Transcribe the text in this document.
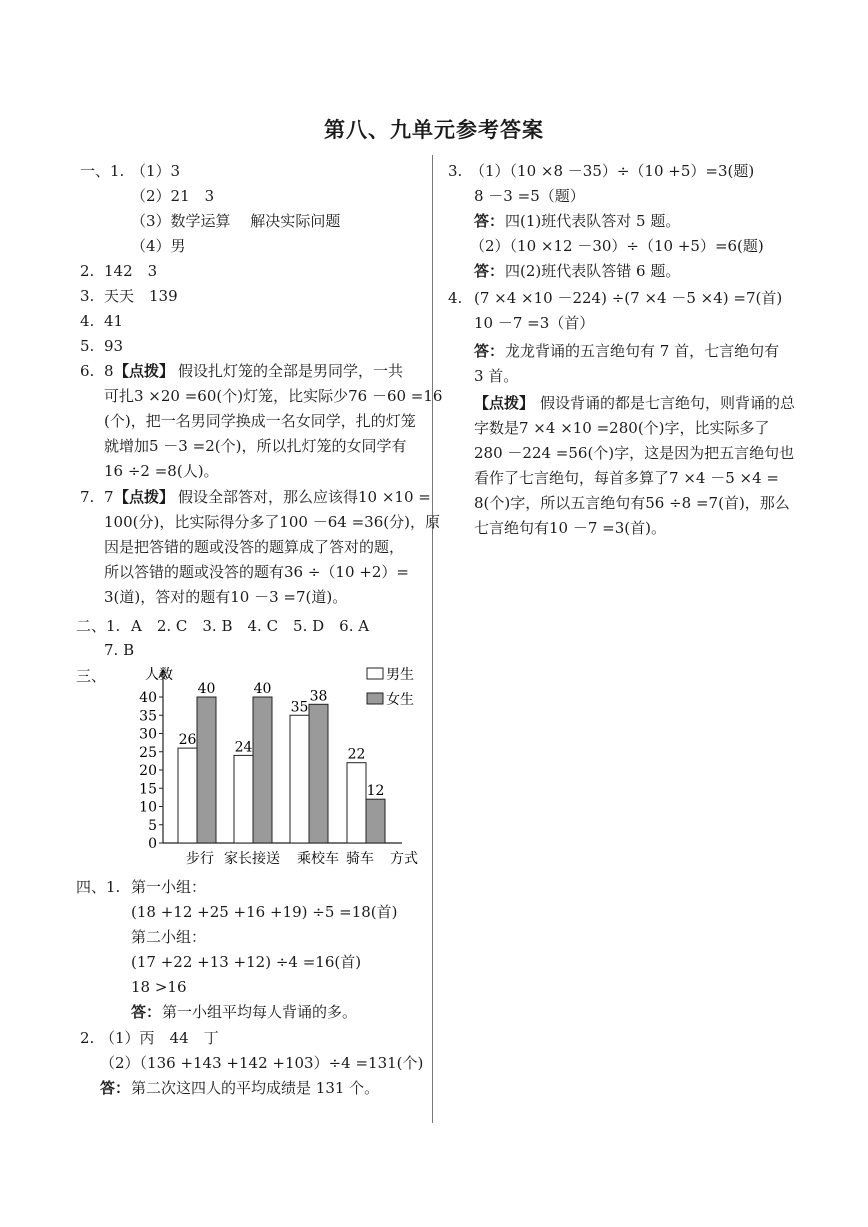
第八、九单元参考答案
一、1. （1）3
（2）21　3
（3）数学运算　 解决实际问题
（4）男
2. 142　3
3. 天天　139
4. 41
5. 93
6. 8 【点拨】 假设扎灯笼的全部是男同学，一共
可扎3 ×20 =60(个)灯笼，比实际少76 －60 =16
(个)，把一名男同学换成一名女同学，扎的灯笼
就增加5 －3 =2(个)，所以扎灯笼的女同学有
16 ÷2 =8(人)。
7. 7 【点拨】 假设全部答对，那么应该得10 ×10 =
100(分)，比实际得分多了100 －64 =36(分)，原
因是把答错的题或没答的题算成了答对的题，
所以答错的题或没答的题有36 ÷（10 +2）=
3(道)，答对的题有10 －3 =7(道)。
二、1. A　2. C　3. B　4. C　5. D　6. A
7. B
三、
0
5
10
15
20
25
30
35
40
人数
方式
26
40
步行
24
40
家长接送
35
38
乘校车
22
12
骑车
男生
女生
四、1. 第一小组：
(18 +12 +25 +16 +19) ÷5 =18(首)
第二小组：
(17 +22 +13 +12) ÷4 =16(首)
18 >16
答： 第一小组平均每人背诵的多。
2. （1）丙　44　丁
（2）（136 +143 +142 +103）÷4 =131(个)
答： 第二次这四人的平均成绩是 131 个。
3. （1）（10 ×8 －35）÷（10 +5）=3(题)
8 －3 =5（题）
答： 四(1)班代表队答对 5 题。
（2）（10 ×12 －30）÷（10 +5）=6(题)
答： 四(2)班代表队答错 6 题。
4. (7 ×4 ×10 －224) ÷(7 ×4 －5 ×4) =7(首)
10 －7 =3（首）
答： 龙龙背诵的五言绝句有 7 首，七言绝句有
3 首。
【点拨】 假设背诵的都是七言绝句，则背诵的总
字数是7 ×4 ×10 =280(个)字，比实际多了
280 －224 =56(个)字，这是因为把五言绝句也
看作了七言绝句，每首多算了7 ×4 －5 ×4 =
8(个)字，所以五言绝句有56 ÷8 =7(首)，那么
七言绝句有10 －7 =3(首)。
